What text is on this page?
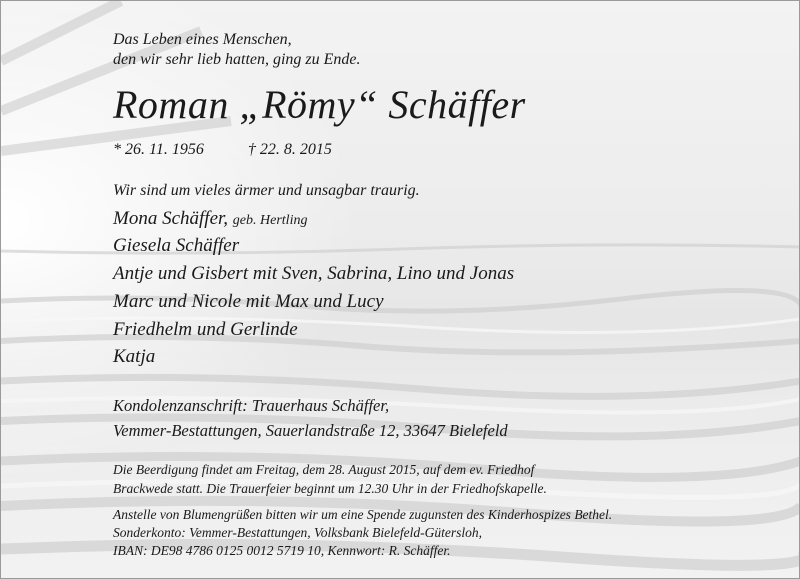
Das Leben eines Menschen,
den wir sehr lieb hatten, ging zu Ende.
Roman „Römy“ Schäffer
* 26. 11. 1956	† 22. 8. 2015
Wir sind um vieles ärmer und unsagbar traurig.
Mona Schäffer, geb. Hertling
Giesela Schäffer
Antje und Gisbert mit Sven, Sabrina, Lino und Jonas
Marc und Nicole mit Max und Lucy
Friedhelm und Gerlinde
Katja
Kondolenzanschrift: Trauerhaus Schäffer,
Vemmer-Bestattungen, Sauerlandstraße 12, 33647 Bielefeld
Die Beerdigung findet am Freitag, dem 28. August 2015, auf dem ev. Friedhof
Brackwede statt. Die Trauerfeier beginnt um 12.30 Uhr in der Friedhofskapelle.
Anstelle von Blumengrüßen bitten wir um eine Spende zugunsten des Kinderhospizes Bethel.
Sonderkonto: Vemmer-Bestattungen, Volksbank Bielefeld-Gütersloh,
IBAN: DE98 4786 0125 0012 5719 10, Kennwort: R. Schäffer.
